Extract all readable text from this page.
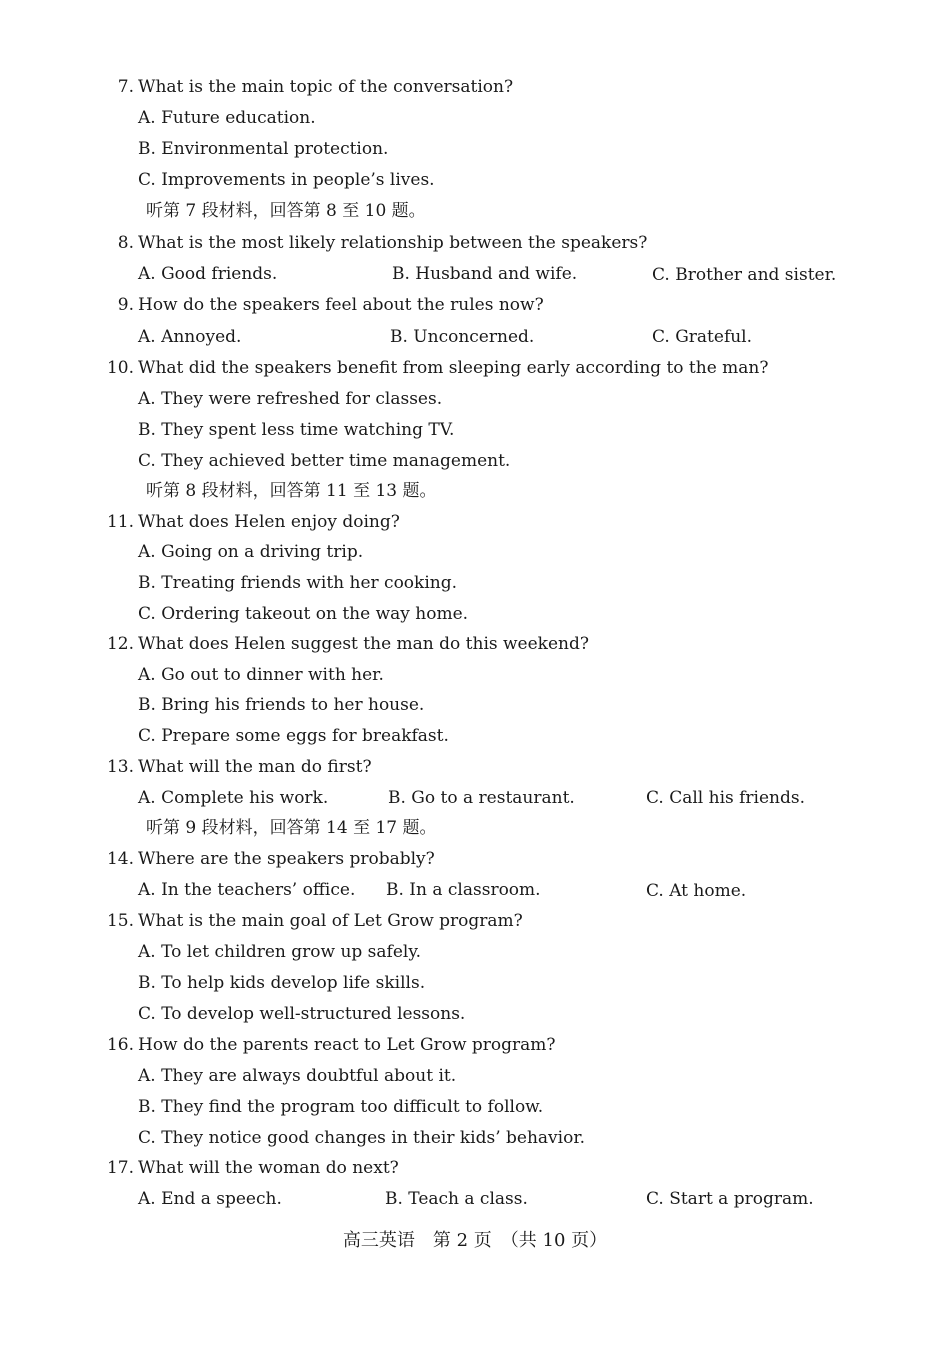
7. What is the main topic of the conversation?
A. Future education.
B. Environmental protection.
C. Improvements in people’s lives.
听第 7 段材料，回答第 8 至 10 题。
8. What is the most likely relationship between the speakers?
A. Good friends.	B. Husband and wife.	C. Brother and sister.
9. How do the speakers feel about the rules now?
A. Annoyed.	B. Unconcerned.	C. Grateful.
10. What did the speakers benefit from sleeping early according to the man?
A. They were refreshed for classes.
B. They spent less time watching TV.
C. They achieved better time management.
听第 8 段材料，回答第 11 至 13 题。
11. What does Helen enjoy doing?
A. Going on a driving trip.
B. Treating friends with her cooking.
C. Ordering takeout on the way home.
12. What does Helen suggest the man do this weekend?
A. Go out to dinner with her.
B. Bring his friends to her house.
C. Prepare some eggs for breakfast.
13. What will the man do first?
A. Complete his work.	B. Go to a restaurant.	C. Call his friends.
听第 9 段材料，回答第 14 至 17 题。
14. Where are the speakers probably?
A. In the teachers’ office. B. In a classroom.	C. At home.
15. What is the main goal of Let Grow program?
A. To let children grow up safely.
B. To help kids develop life skills.
C. To develop well-structured lessons.
16. How do the parents react to Let Grow program?
A. They are always doubtful about it.
B. They find the program too difficult to follow.
C. They notice good changes in their kids’ behavior.
17. What will the woman do next?
A. End a speech.	B. Teach a class.	C. Start a program.
高三英语　第 2 页　（共 10 页）
